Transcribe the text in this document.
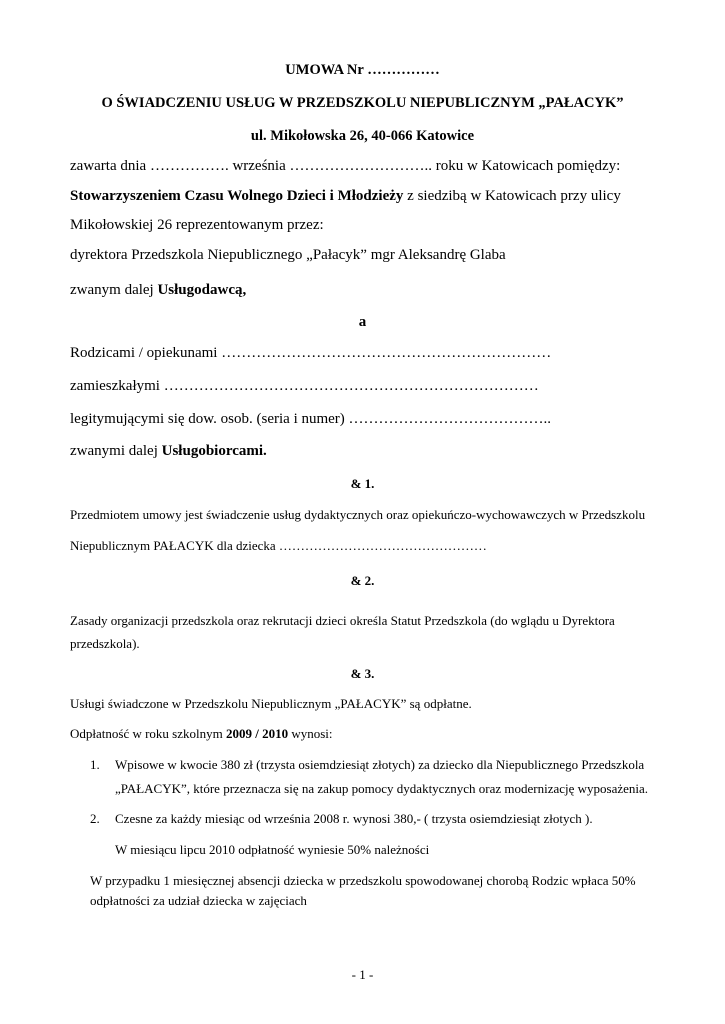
UMOWA Nr ……………
O ŚWIADCZENIU USŁUG W PRZEDSZKOLU NIEPUBLICZNYM „PAŁACYK”
ul. Mikołowska 26, 40-066 Katowice
zawarta dnia ……………. września ……………………….. roku w Katowicach pomiędzy:
Stowarzyszeniem Czasu Wolnego Dzieci i Młodzieży z siedzibą w Katowicach przy ulicy
Mikołowskiej 26 reprezentowanym przez:
dyrektora Przedszkola Niepublicznego „Pałacyk” mgr Aleksandrę Glaba
zwanym dalej Usługodawcą,
a
Rodzicami / opiekunami …………………………………………………………
zamieszkałymi …………………………………………………………………
legitymującymi się dow. osob. (seria i numer) …………………………………..
zwanymi dalej Usługobiorcami.
& 1.
Przedmiotem umowy jest świadczenie usług dydaktycznych oraz opiekuńczo-wychowawczych w Przedszkolu
Niepublicznym PAŁACYK dla dziecka …………………………………………
& 2.
Zasady organizacji przedszkola oraz rekrutacji dzieci określa Statut Przedszkola (do wglądu u Dyrektora
przedszkola).
& 3.
Usługi świadczone w Przedszkolu Niepublicznym „PAŁACYK” są odpłatne.
Odpłatność w roku szkolnym 2009 / 2010 wynosi:
1. Wpisowe w kwocie 380 zł (trzysta osiemdziesiąt złotych) za dziecko dla Niepublicznego Przedszkola
„PAŁACYK”, które przeznacza się na zakup pomocy dydaktycznych oraz modernizację wyposażenia.
2. Czesne za każdy miesiąc od września 2008 r. wynosi 380,- ( trzysta osiemdziesiąt złotych ).
W miesiącu lipcu 2010 odpłatność wyniesie 50% należności
W przypadku 1 miesięcznej absencji dziecka w przedszkolu spowodowanej chorobą Rodzic wpłaca 50%
odpłatności za udział dziecka w zajęciach
- 1 -
